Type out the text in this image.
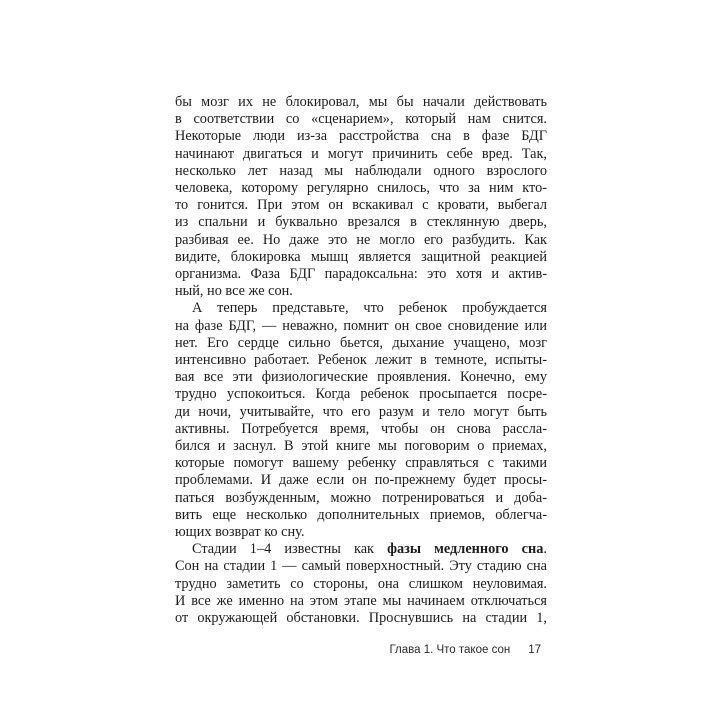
бы мозг их не блокировал, мы бы начали действовать
в соответствии со «сценарием», который нам снится.
Некоторые люди из-за расстройства сна в фазе БДГ
начинают двигаться и могут причинить себе вред. Так,
несколько лет назад мы наблюдали одного взрослого
человека, которому регулярно снилось, что за ним кто-
то гонится. При этом он вскакивал с кровати, выбегал
из спальни и буквально врезался в стеклянную дверь,
разбивая ее. Но даже это не могло его разбудить. Как
видите, блокировка мышц является защитной реакцией
организма. Фаза БДГ парадоксальна: это хотя и актив-
ный, но все же сон.
А теперь представьте, что ребенок пробуждается
на фазе БДГ, — неважно, помнит он свое сновидение или
нет. Его сердце сильно бьется, дыхание учащено, мозг
интенсивно работает. Ребенок лежит в темноте, испыты-
вая все эти физиологические проявления. Конечно, ему
трудно успокоиться. Когда ребенок просыпается посре-
ди ночи, учитывайте, что его разум и тело могут быть
активны. Потребуется время, чтобы он снова рассла-
бился и заснул. В этой книге мы поговорим о приемах,
которые помогут вашему ребенку справляться с такими
проблемами. И даже если он по-прежнему будет просы-
паться возбужденным, можно потренироваться и доба-
вить еще несколько дополнительных приемов, облегча-
ющих возврат ко сну.
Стадии 1–4 известны как фазы медленного сна.
Сон на стадии 1 — самый поверхностный. Эту стадию сна
трудно заметить со стороны, она слишком неуловимая.
И все же именно на этом этапе мы начинаем отключаться
от окружающей обстановки. Проснувшись на стадии 1,
Глава 1. Что такое сон 17
